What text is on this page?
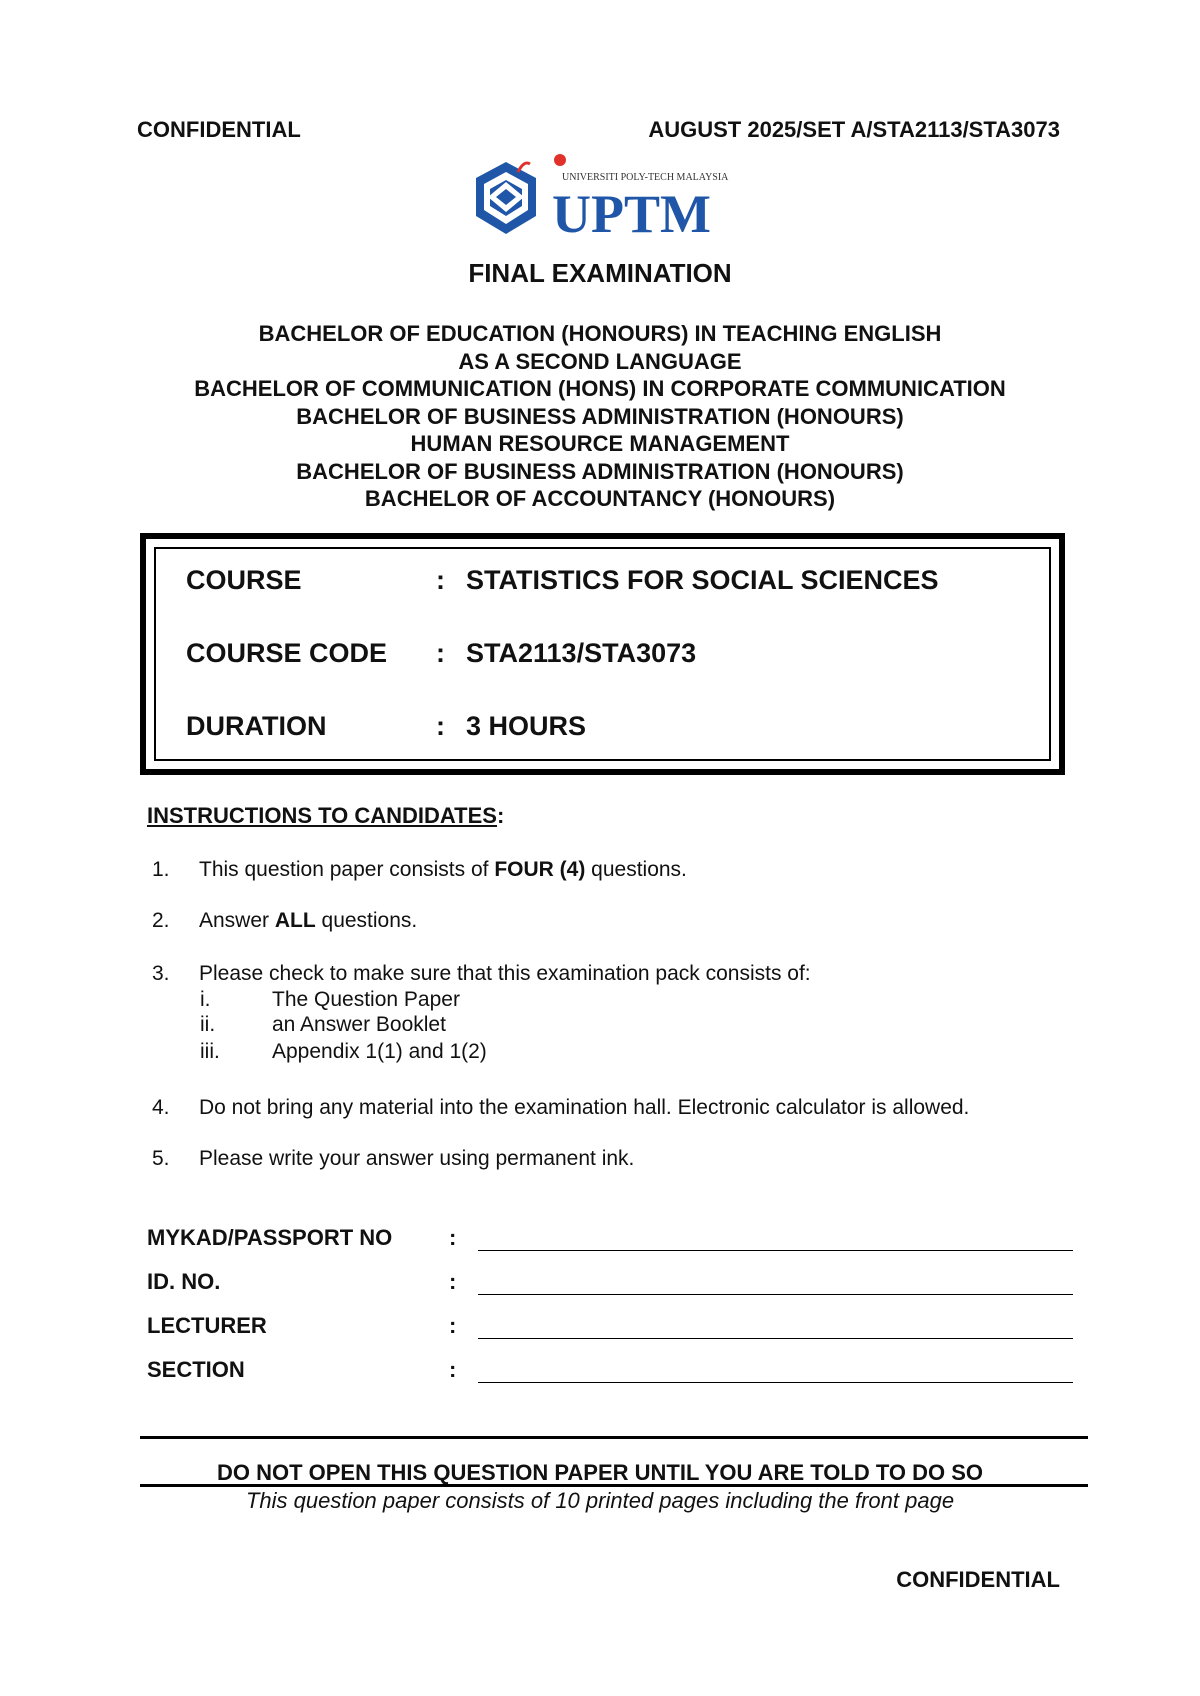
CONFIDENTIAL	AUGUST 2025/SET A/STA2113/STA3073
UNIVERSITI POLY-TECH MALAYSIA
UPTM
FINAL EXAMINATION
BACHELOR OF EDUCATION (HONOURS) IN TEACHING ENGLISH
AS A SECOND LANGUAGE
BACHELOR OF COMMUNICATION (HONS) IN CORPORATE COMMUNICATION
BACHELOR OF BUSINESS ADMINISTRATION (HONOURS)
HUMAN RESOURCE MANAGEMENT
BACHELOR OF BUSINESS ADMINISTRATION (HONOURS)
BACHELOR OF ACCOUNTANCY (HONOURS)
COURSE	: STATISTICS FOR SOCIAL SCIENCES
COURSE CODE : STA2113/STA3073
DURATION	: 3 HOURS
INSTRUCTIONS TO CANDIDATES:
1. This question paper consists of FOUR (4) questions.
2. Answer ALL questions.
3. Please check to make sure that this examination pack consists of:
i.	The Question Paper
ii.	an Answer Booklet
iii. Appendix 1(1) and 1(2)
4. Do not bring any material into the examination hall. Electronic calculator is allowed.
5. Please write your answer using permanent ink.
MYKAD/PASSPORT NO	:
ID. NO.	:
LECTURER	:
SECTION	:
DO NOT OPEN THIS QUESTION PAPER UNTIL YOU ARE TOLD TO DO SO
This question paper consists of 10 printed pages including the front page
CONFIDENTIAL
